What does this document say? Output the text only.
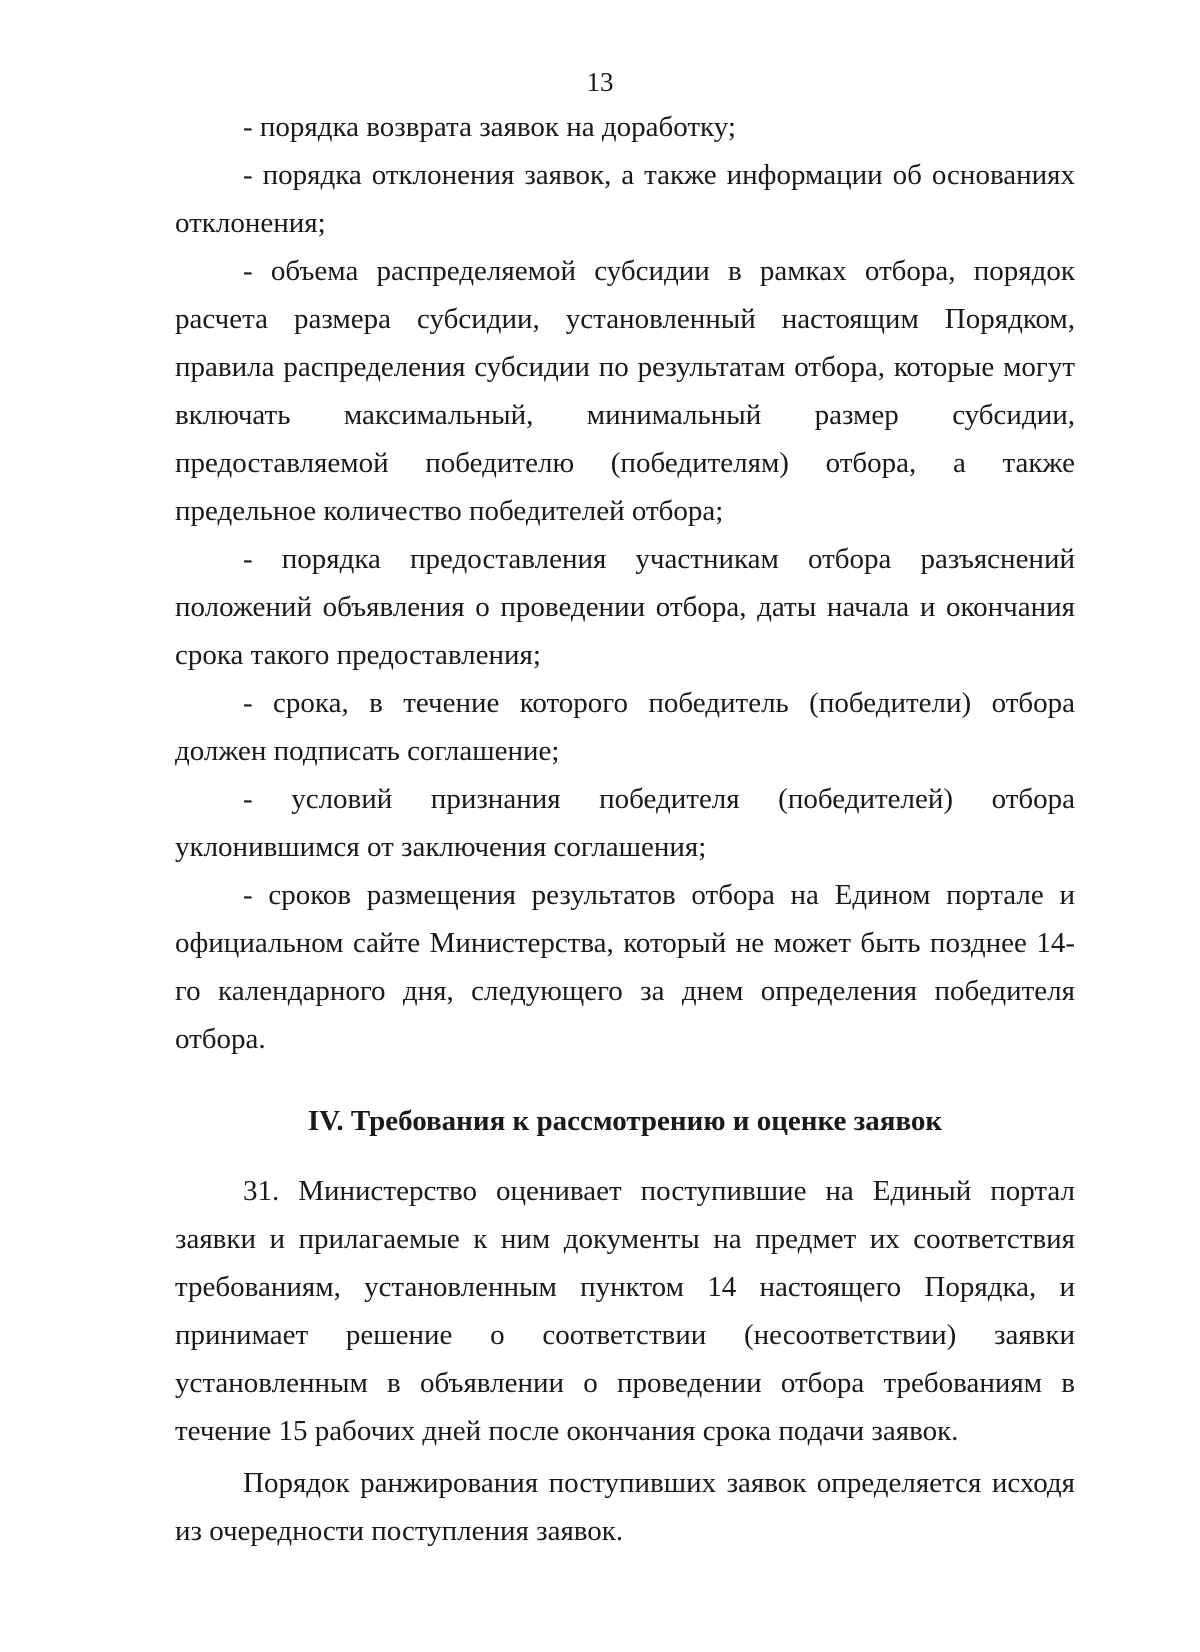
13

- порядка возврата заявок на доработку;

- порядка отклонения заявок, а также информации об основаниях отклонения;

- объема распределяемой субсидии в рамках отбора, порядок расчета размера субсидии, установленный настоящим Порядком, правила распределения субсидии по результатам отбора, которые могут включать максимальный, минимальный размер субсидии, предоставляемой победителю (победителям) отбора, а также предельное количество победителей отбора;

- порядка предоставления участникам отбора разъяснений положений объявления о проведении отбора, даты начала и окончания срока такого предоставления;

- срока, в течение которого победитель (победители) отбора должен подписать соглашение;

- условий признания победителя (победителей) отбора уклонившимся от заключения соглашения;

- сроков размещения результатов отбора на Едином портале и официальном сайте Министерства, который не может быть позднее 14-го календарного дня, следующего за днем определения победителя отбора.

IV. Требования к рассмотрению и оценке заявок

31. Министерство оценивает поступившие на Единый портал заявки и прилагаемые к ним документы на предмет их соответствия требованиям, установленным пунктом 14 настоящего Порядка, и принимает решение о соответствии (несоответствии) заявки установленным в объявлении о проведении отбора требованиям в течение 15 рабочих дней после окончания срока подачи заявок.

Порядок ранжирования поступивших заявок определяется исходя из очередности поступления заявок.
